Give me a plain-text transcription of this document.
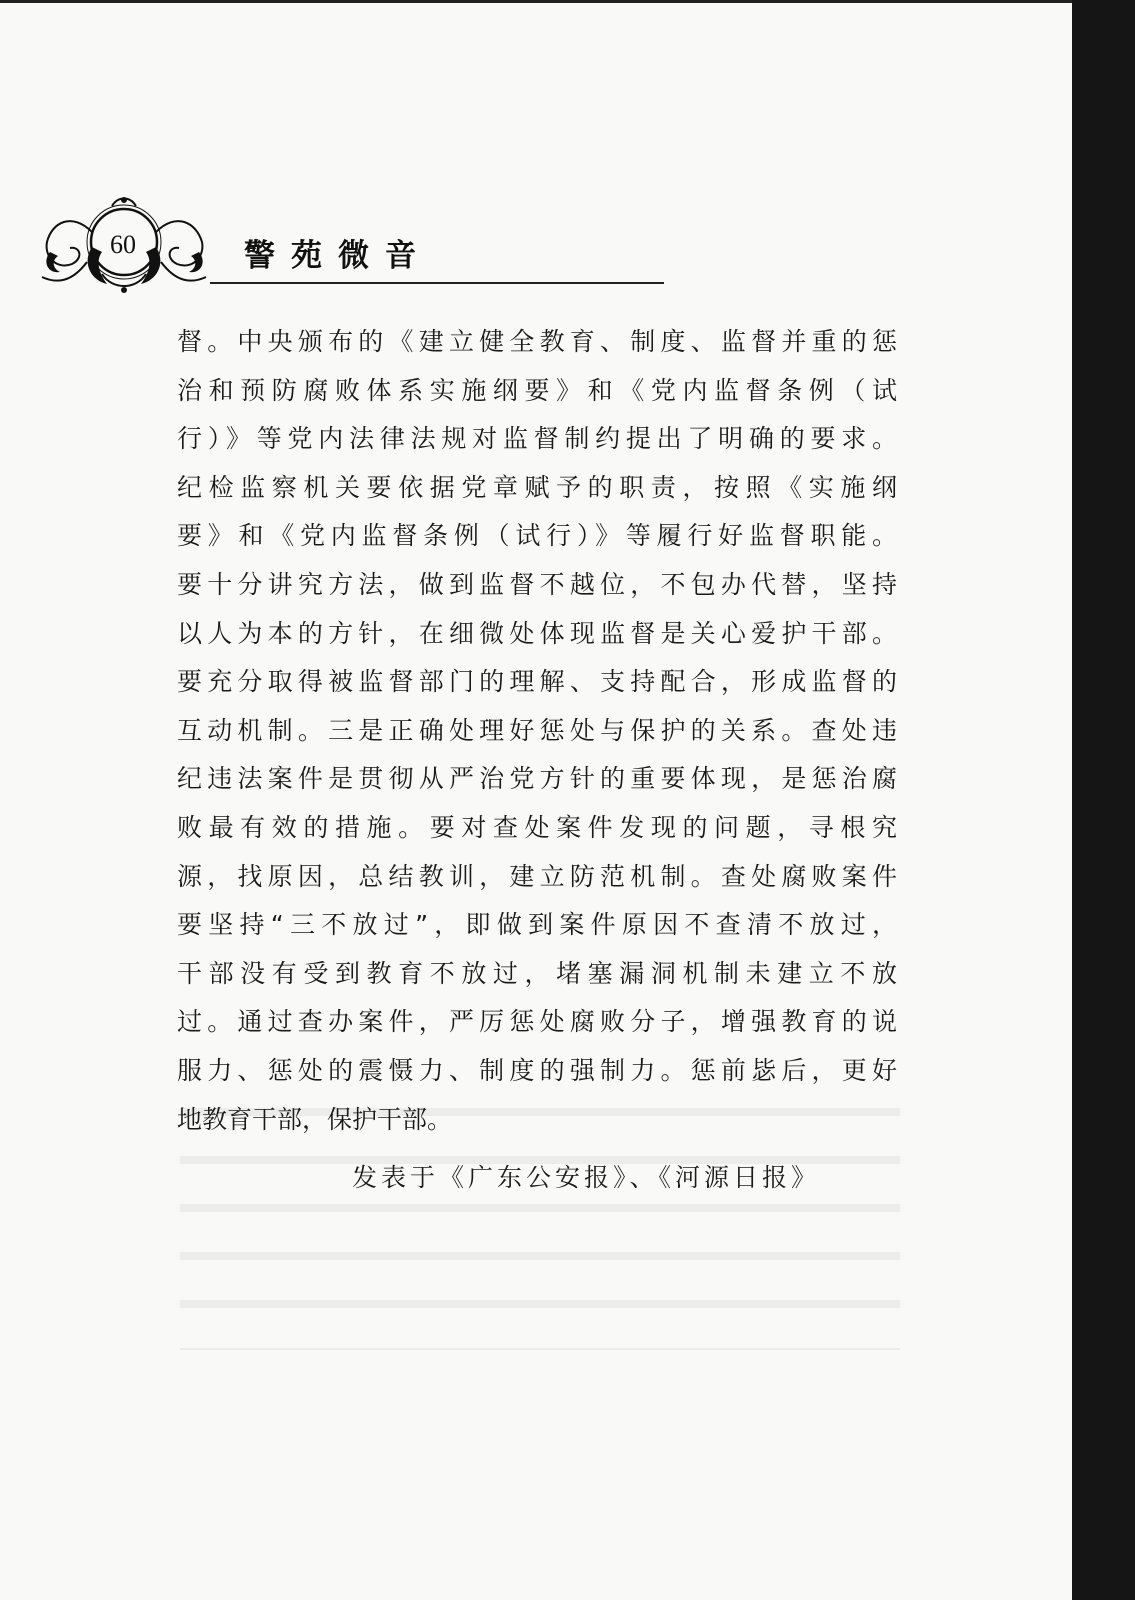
60	警苑微音
督。中央颁布的《建立健全教育、制度、监督并重的惩
治和预防腐败体系实施纲要》和《党内监督条例（试
行）》等党内法律法规对监督制约提出了明确的要求。
纪检监察机关要依据党章赋予的职责，按照《实施纲
要》和《党内监督条例（试行）》等履行好监督职能。
要十分讲究方法，做到监督不越位，不包办代替，坚持
以人为本的方针，在细微处体现监督是关心爱护干部。
要充分取得被监督部门的理解、支持配合，形成监督的
互动机制。三是正确处理好惩处与保护的关系。查处违
纪违法案件是贯彻从严治党方针的重要体现，是惩治腐
败最有效的措施。要对查处案件发现的问题，寻根究
源，找原因，总结教训，建立防范机制。查处腐败案件
要坚持“三不放过”，即做到案件原因不查清不放过，
干部没有受到教育不放过，堵塞漏洞机制未建立不放
过。通过查办案件，严厉惩处腐败分子，增强教育的说
服力、惩处的震慑力、制度的强制力。惩前毖后，更好
地教育干部，保护干部。
发表于《广东公安报》、《河源日报》
